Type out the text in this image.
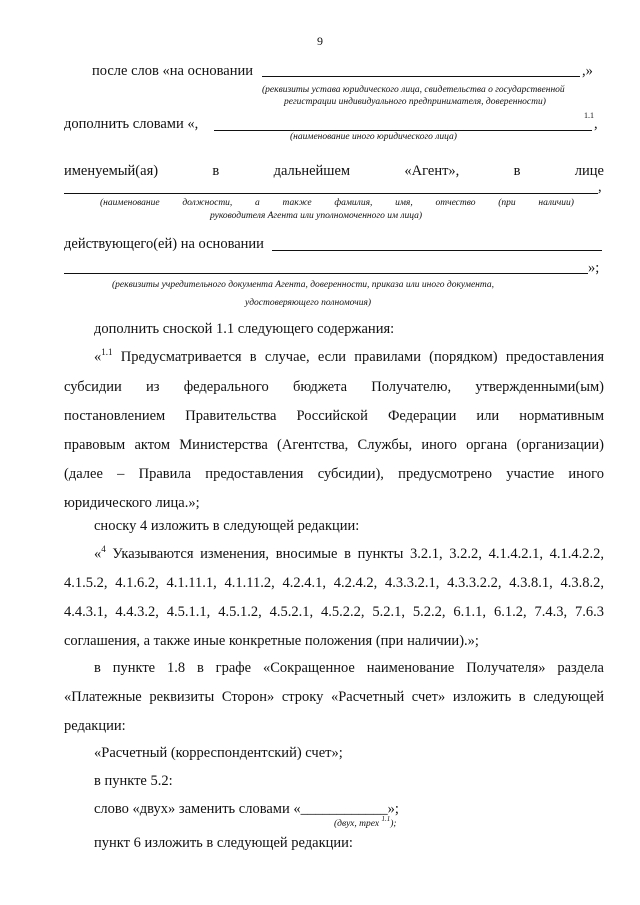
9
после слов «на основании	,»
(реквизиты устава юридического лица, свидетельства о государственной
регистрации индивидуального предпринимателя, доверенности)
дополнить словами «,
1.1
,
(наименование иного юридического лица)
именуемый(ая)	в	дальнейшем	«Агент»,	в	лице
,
(наименование должности, а также фамилия, имя, отчество (при наличии)
руководителя Агента или уполномоченного им лица)
действующего(ей) на основании
»;
(реквизиты учредительного документа Агента, доверенности, приказа или иного документа,
удостоверяющего полномочия)
дополнить сноской 1.1 следующего содержания:
«$^{1.1}$ Предусматривается в случае, если правилами (порядком) предоставления
субсидии из федерального бюджета Получателю, утвержденными(ым)
постановлением Правительства Российской Федерации или нормативным
правовым актом Министерства (Агентства, Службы, иного органа (организации)
(далее – Правила предоставления субсидии), предусмотрено участие иного
юридического лица.»;
сноску 4 изложить в следующей редакции:
«$^4$ Указываются изменения, вносимые в пункты 3.2.1, 3.2.2, 4.1.4.2.1, 4.1.4.2.2,
4.1.5.2, 4.1.6.2, 4.1.11.1, 4.1.11.2, 4.2.4.1, 4.2.4.2, 4.3.3.2.1, 4.3.3.2.2, 4.3.8.1, 4.3.8.2,
4.4.3.1, 4.4.3.2, 4.5.1.1, 4.5.1.2, 4.5.2.1, 4.5.2.2, 5.2.1, 5.2.2, 6.1.1, 6.1.2, 7.4.3, 7.6.3
соглашения, а также иные конкретные положения (при наличии).»;
в пункте 1.8 в графе «Сокращенное наименование Получателя» раздела
«Платежные реквизиты Сторон» строку «Расчетный счет» изложить в следующей
редакции:
«Расчетный (корреспондентский) счет»;
в пункте 5.2:
слово «двух» заменить словами «____________»;
(двух, трех $^{1.1}$);
пункт 6 изложить в следующей редакции:
